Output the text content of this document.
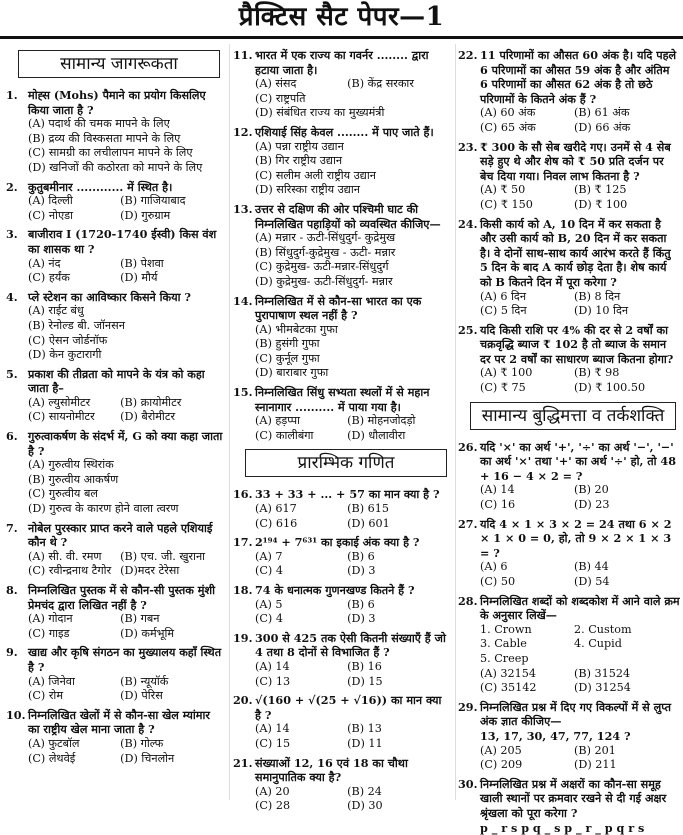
प्रैक्टिस सैट पेपर—1
सामान्य जागरूकता
1. मोह्स (Mohs) पैमाने का प्रयोग किसलिए किया जाता है ?
(A) पदार्थ की चमक मापने के लिए
(B) द्रव्य की विस्कसता मापने के लिए
(C) सामग्री का लचीलापन मापने के लिए
(D) खनिजों की कठोरता को मापने के लिए
2. कुतुबमीनार ............ में स्थित है।
(A) दिल्ली	(B) गाजियाबाद
(C) नोएडा	(D) गुरुग्राम
3. बाजीराव I (1720-1740 ईस्वी) किस वंश का शासक था ?
(A) नंद	(B) पेशवा
(C) हर्यंक	(D) मौर्य
4. प्ले स्टेशन का आविष्कार किसने किया ?
(A) राईट बंधु
(B) रेनोल्ड बी. जॉनसन
(C) ऐसन जोर्डनॉफ
(D) केन कुटारागी
5. प्रकाश की तीव्रता को मापने के यंत्र को कहा जाता है–
(A) ल्युसोमीटर	(B) क्रायोमीटर
(C) सायनोमीटर	(D) बैरोमीटर
6. गुरुत्वाकर्षण के संदर्भ में, G को क्या कहा जाता है ?
(A) गुरुत्वीय स्थिरांक
(B) गुरुत्वीय आकर्षण
(C) गुरुत्वीय बल
(D) गुरुत्व के कारण होने वाला त्वरण
7. नोबेल पुरस्कार प्राप्त करने वाले पहले एशियाई कौन थे ?
(A) सी. वी. रमण	(B) एच. जी. खुराना
(C) रवीन्द्रनाथ टैगोर (D)मदर टेरेसा
8. निम्नलिखित पुस्तक में से कौन-सी पुस्तक मुंशी प्रेमचंद द्वारा लिखित नहीं है ?
(A) गोदान	(B) गबन
(C) गाइड	(D) कर्मभूमि
9. खाद्य और कृषि संगठन का मुख्यालय कहाँ स्थित है ?
(A) जिनेवा	(B) न्यूयॉर्क
(C) रोम	(D) पेरिस
10. निम्नलिखित खेलों में से कौन-सा खेल म्यांमार का राष्ट्रीय खेल माना जाता है ?
(A) फुटबॉल	(B) गोल्फ
(C) लेथवेई	(D) चिनलोन
11. भारत में एक राज्य का गवर्नर ........ द्वारा हटाया जाता है।
(A) संसद	(B) केंद्र सरकार
(C) राष्ट्रपति
(D) संबंधित राज्य का मुख्यमंत्री
12. एशियाई सिंह केवल ........ में पाए जाते हैं।
(A) पन्ना राष्ट्रीय उद्यान
(B) गिर राष्ट्रीय उद्यान
(C) सलीम अली राष्ट्रीय उद्यान
(D) सरिस्का राष्ट्रीय उद्यान
13. उत्तर से दक्षिण की ओर पश्चिमी घाट की निम्नलिखित पहाड़ियों को व्यवस्थित कीजिए—
(A) मन्नार - ऊटी-सिंधुदुर्ग- कुद्रेमुख
(B) सिंधुदुर्ग-कुद्रेमुख - ऊटी- मन्नार
(C) कुद्रेमुख- ऊटी-मन्नार-सिंधुदुर्ग
(D) कुद्रेमुख- ऊटी-सिंधुदुर्ग- मन्नार
14. निम्नलिखित में से कौन-सा भारत का एक पुरापाषाण स्थल नहीं है ?
(A) भीमबेटका गुफा
(B) हुसंगी गुफा
(C) कुर्नूल गुफा
(D) बाराबार गुफा
15. निम्नलिखित सिंधु सभ्यता स्थलों में से महान स्नानागार .......... में पाया गया है।
(A) हड़प्पा	(B) मोहनजोदड़ो
(C) कालीबंगा	(D) धौलावीरा
प्रारम्भिक गणित
16. 33 + 33 + ... + 57 का मान क्या है ?
(A) 617	(B) 615
(C) 616	(D) 601
17. 2¹⁹⁴ + 7⁶³¹ का इकाई अंक क्या है ?
(A) 7	(B) 6
(C) 4	(D) 3
18. 74 के धनात्मक गुणनखण्ड कितने हैं ?
(A) 5	(B) 6
(C) 4	(D) 3
19. 300 से 425 तक ऐसी कितनी संख्याएँ हैं जो 4 तथा 8 दोनों से विभाजित हैं ?
(A) 14	(B) 16
(C) 13	(D) 15
20. √(160 + √(25 + √16)) का मान क्या है ?
(A) 14	(B) 13
(C) 15	(D) 11
21. संख्याओं 12, 16 एवं 18 का चौथा समानुपातिक क्या है?
(A) 20	(B) 24
(C) 28	(D) 30
22. 11 परिणामों का औसत 60 अंक है। यदि पहले 6 परिणामों का औसत 59 अंक है और अंतिम 6 परिणामों का औसत 62 अंक है तो छठे परिणामों के कितने अंक हैं ?
(A) 60 अंक	(B) 61 अंक
(C) 65 अंक	(D) 66 अंक
23. ₹ 300 के सौ सेब खरीदे गए। उनमें से 4 सेब सड़े हुए थे और शेष को ₹ 50 प्रति दर्जन पर बेच दिया गया। निवल लाभ कितना है ?
(A) ₹ 50	(B) ₹ 125
(C) ₹ 150	(D) ₹ 100
24. किसी कार्य को A, 10 दिन में कर सकता है और उसी कार्य को B, 20 दिन में कर सकता है। वे दोनों साथ-साथ कार्य आरंभ करते हैं किंतु 5 दिन के बाद A कार्य छोड़ देता है। शेष कार्य को B कितने दिन में पूरा करेगा ?
(A) 6 दिन	(B) 8 दिन
(C) 5 दिन	(D) 10 दिन
25. यदि किसी राशि पर 4% की दर से 2 वर्षों का चक्रवृद्धि ब्याज ₹ 102 है तो ब्याज के समान दर पर 2 वर्षों का साधारण ब्याज कितना होगा?
(A) ₹ 100	(B) ₹ 98
(C) ₹ 75	(D) ₹ 100.50
सामान्य बुद्धिमत्ता व तर्कशक्ति
26. यदि '×' का अर्थ '+', '÷' का अर्थ '−', '−' का अर्थ '×' तथा '+' का अर्थ '÷' हो, तो 48 + 16 − 4 × 2 = ?
(A) 14	(B) 20
(C) 16	(D) 23
27. यदि 4 × 1 × 3 × 2 = 24 तथा 6 × 2 × 1 × 0 = 0, हो, तो 9 × 2 × 1 × 3 = ?
(A) 6	(B) 44
(C) 50	(D) 54
28. निम्नलिखित शब्दों को शब्दकोश में आने वाले क्रम के अनुसार लिखें—
1. Crown	2. Custom
3. Cable	4. Cupid
5. Creep
(A) 32154	(B) 31524
(C) 35142	(D) 31254
29. निम्नलिखित प्रश्न में दिए गए विकल्पों में से लुप्त अंक ज्ञात कीजिए—
13, 17, 30, 47, 77, 124 ?
(A) 205	(B) 201
(C) 209	(D) 211
30. निम्नलिखित प्रश्न में अक्षरों का कौन-सा समूह खाली स्थानों पर क्रमवार रखने से दी गई अक्षर श्रृंखला को पूरा करेगा ?
p _ r s p q _ s p _ r _ p q r s
